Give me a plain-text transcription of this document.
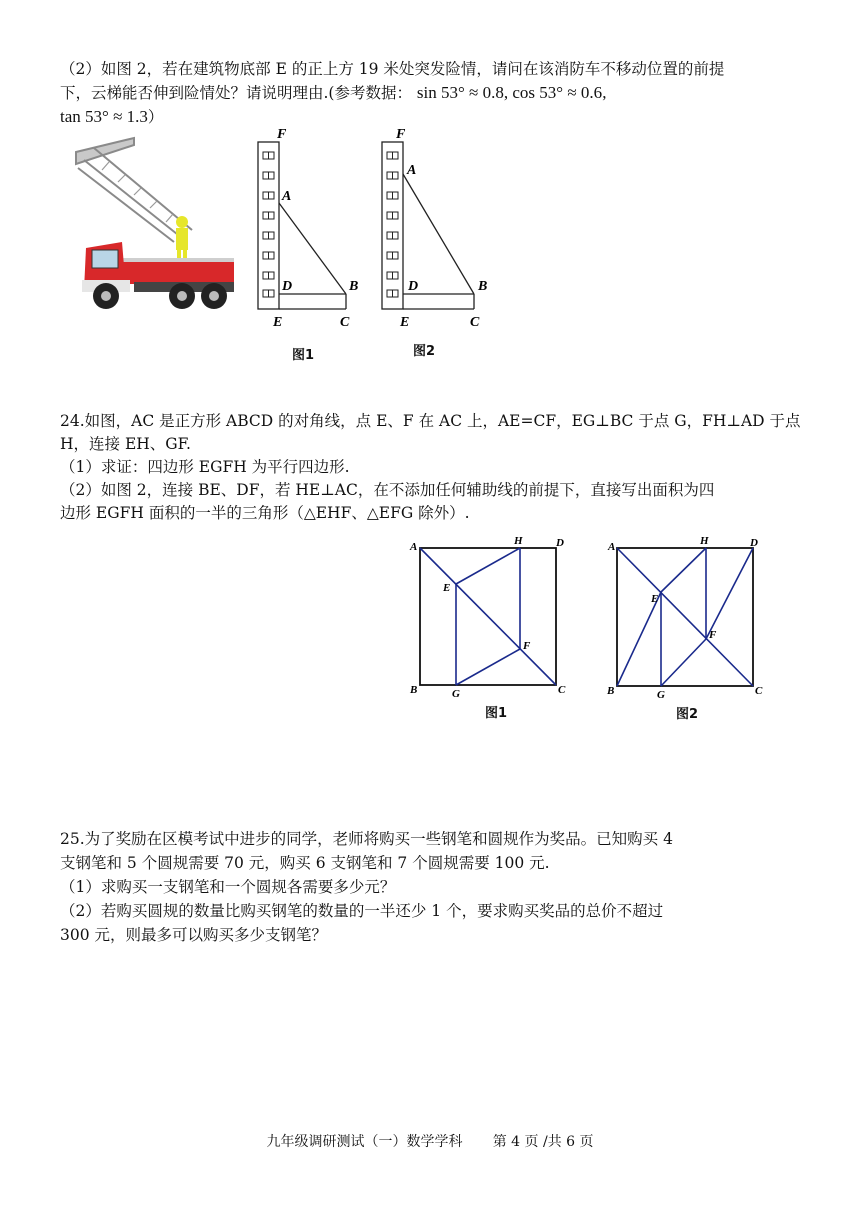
（2）如图 2，若在建筑物底部 E 的正上方 19 米处突发险情，请问在该消防车不移动位置的前提
下，云梯能否伸到险情处？请说明理由.(参考数据： sin 53° ≈ 0.8, cos 53° ≈ 0.6,
tan 53° ≈ 1.3）
F
A
D	B
E	C
F
A
D	B
E	C
图1	图2
24.如图，AC 是正方形 ABCD 的对角线，点 E、F 在 AC 上，AE=CF，EG⊥BC 于点 G，FH⊥AD 于点
H，连接 EH、GF.
（1）求证：四边形 EGFH 为平行四边形.
（2）如图 2，连接 BE、DF，若 HE⊥AC，在不添加任何辅助线的前提下，直接写出面积为四
边形 EGFH 面积的一半的三角形（△EHF、△EFG 除外）.
A	H	D
E
F
B	G	C
A	H	D
E
F
B	G	C
图1	图2
25.为了奖励在区模考试中进步的同学，老师将购买一些钢笔和圆规作为奖品。已知购买 4
支钢笔和 5 个圆规需要 70 元，购买 6 支钢笔和 7 个圆规需要 100 元.
（1）求购买一支钢笔和一个圆规各需要多少元？
（2）若购买圆规的数量比购买钢笔的数量的一半还少 1 个，要求购买奖品的总价不超过
300 元，则最多可以购买多少支钢笔？
九年级调研测试（一）数学学科 第 4 页 /共 6 页
